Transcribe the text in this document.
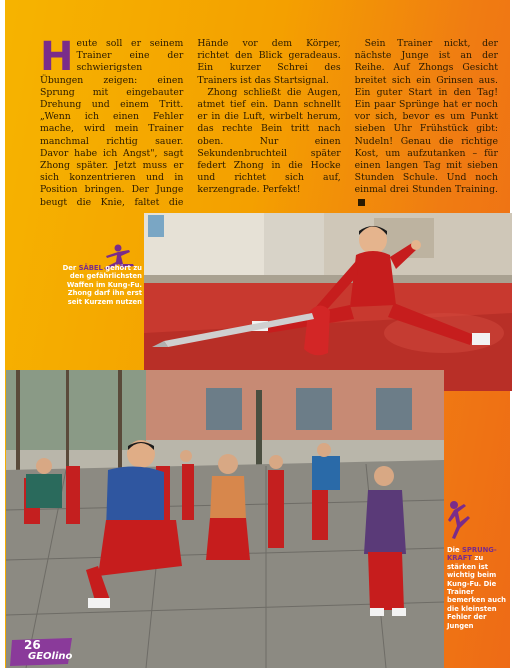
Heute soll er seinem Trainer eine der schwierigsten Übungen zeigen: einen Sprung mit eingebauter Drehung und einem Tritt. „Wenn ich einen Fehler mache, wird mein Trainer manchmal richtig sauer. Davor habe ich Angst", sagt Zhong später. Jetzt muss er sich konzentrieren und in Position bringen. Der Junge beugt die Knie, faltet die Hände vor dem Körper, richtet den Blick geradeaus. Ein kurzer Schrei des Trainers ist das Startsignal.

Zhong schließt die Augen, atmet tief ein. Dann schnellt er in die Luft, wirbelt herum, das rechte Bein tritt nach oben. Nur einen Sekundenbruchteil später federt Zhong in die Hocke und richtet sich auf, kerzengrade. Perfekt!

Sein Trainer nickt, der nächste Junge ist an der Reihe. Auf Zhongs Gesicht breitet sich ein Grinsen aus. Ein guter Start in den Tag! Ein paar Sprünge hat er noch vor sich, bevor es um Punkt sieben Uhr Frühstück gibt: Nudeln! Genau die richtige Kost, um aufzutanken – für einen langen Tag mit sieben Stunden Schule. Und noch einmal drei Stunden Training.

Der SÄBEL gehört zu den gefährlichsten Waffen im Kung-Fu. Zhong darf ihn erst seit Kurzem nutzen
Die SPRUNG-KRAFT zu stärken ist wichtig beim Kung-Fu. Die Trainer bemerken auch die kleinsten Fehler der Jungen
26
GEOlino
